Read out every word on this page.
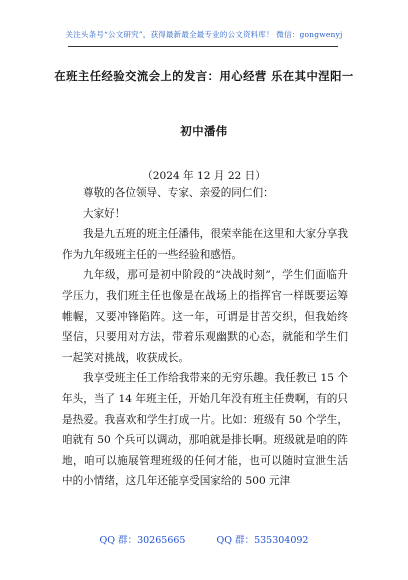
关注头条号“公文研究”，获得最新最全最专业的公文资料库！ 微信：gongwenyj
在班主任经验交流会上的发言：用心经营 乐在其中涅阳一
初中潘伟
（2024 年 12 月 22 日）

尊敬的各位领导、专家、亲爱的同仁们：

大家好！

我是九五班的班主任潘伟，很荣幸能在这里和大家分享我作为九年级班主任的一些经验和感悟。

九年级，那可是初中阶段的“决战时刻”，学生们面临升学压力，我们班主任也像是在战场上的指挥官一样既要运筹帷幄，又要冲锋陷阵。这一年，可谓是甘苦交织，但我始终坚信，只要用对方法，带着乐观幽默的心态，就能和学生们一起笑对挑战，收获成长。

我享受班主任工作给我带来的无穷乐趣。我任教已 15 个年头，当了 14 年班主任，开始几年没有班主任费啊，有的只是热爱。我喜欢和学生打成一片。比如：班级有 50 个学生，咱就有 50 个兵可以调动，那咱就是排长啊。班级就是咱的阵地，咱可以施展管理班级的任何才能，也可以随时宣泄生活中的小情绪，这几年还能享受国家给的 500 元津

QQ 群：30265665	QQ 群：535304092
